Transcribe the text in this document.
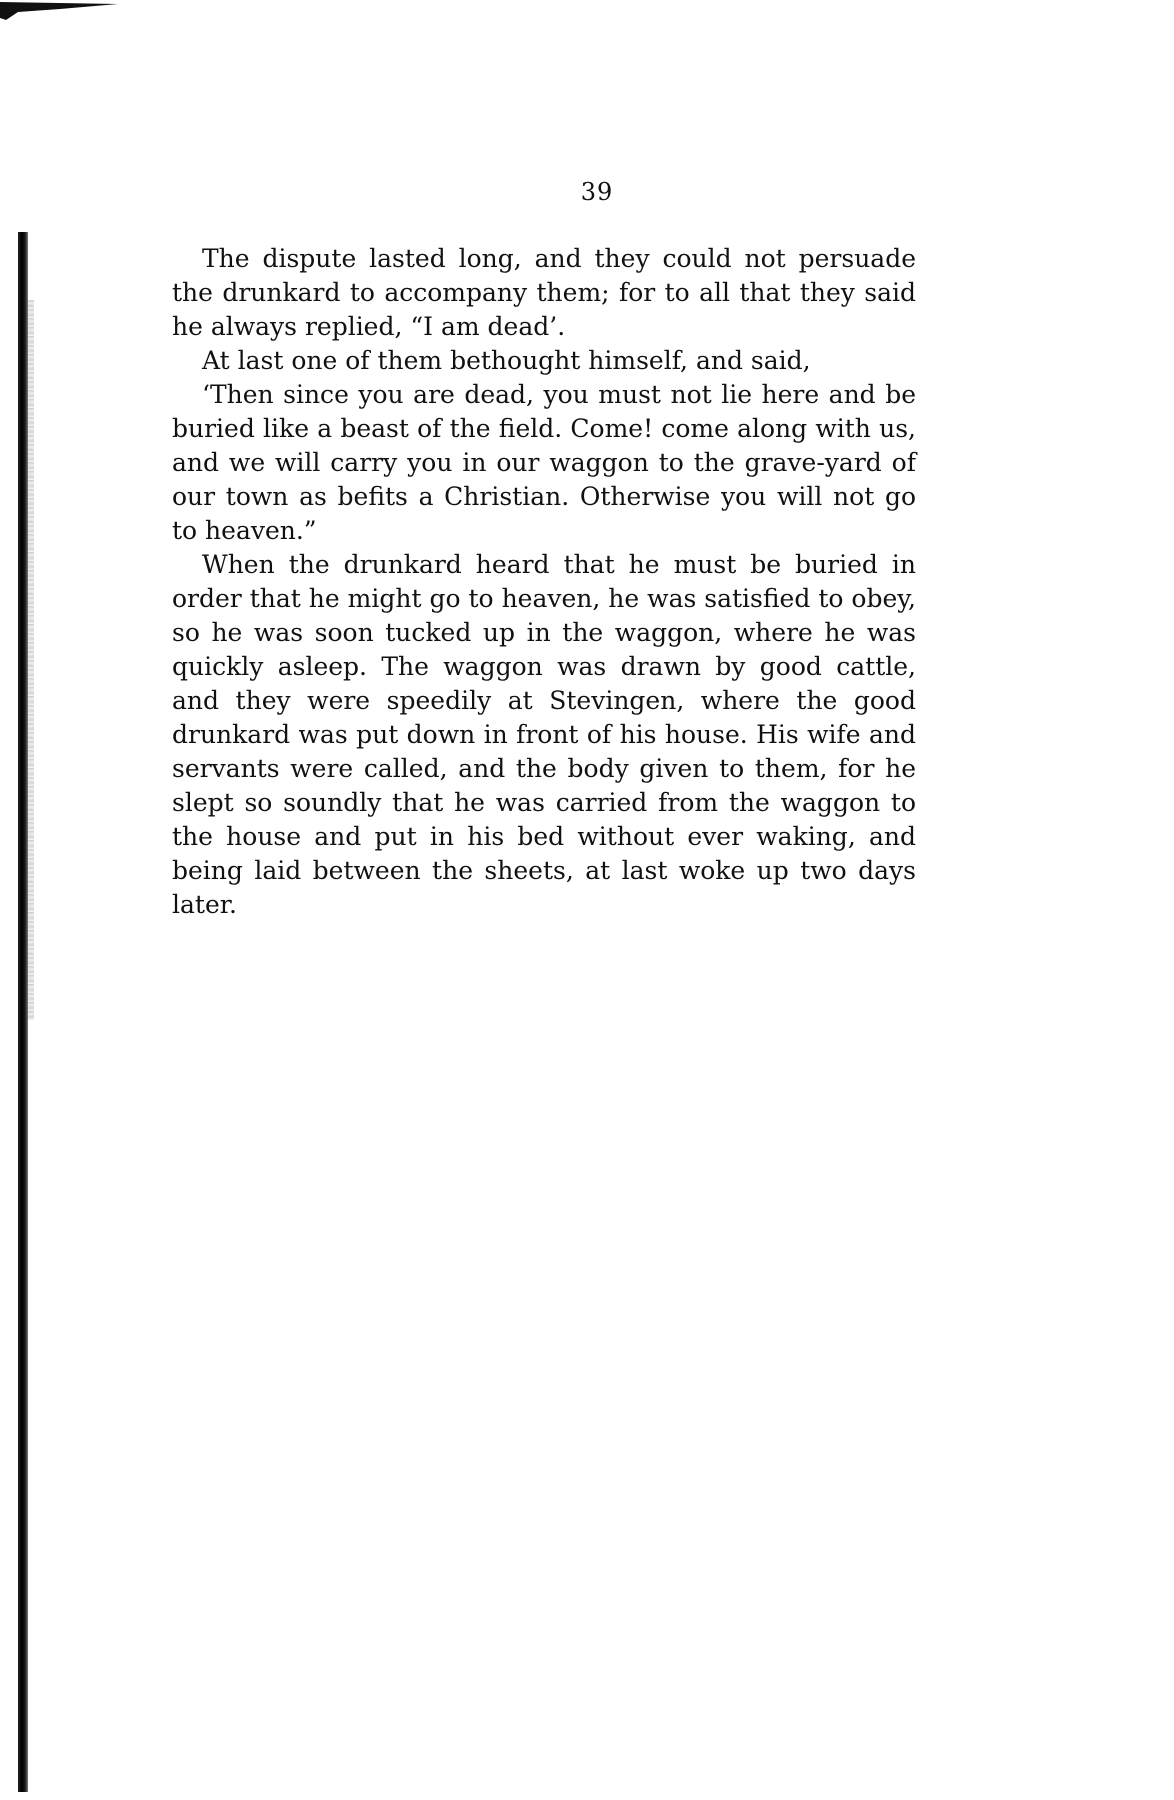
39

The dispute lasted long, and they could not persuade the drunkard to accompany them; for to all that they said he always replied, “I am dead’.

At last one of them bethought himself, and said,

‘Then since you are dead, you must not lie here and be buried like a beast of the field. Come! come along with us, and we will carry you in our waggon to the grave-yard of our town as befits a Christian. Otherwise you will not go to heaven.”

When the drunkard heard that he must be buried in order that he might go to heaven, he was satisfied to obey, so he was soon tucked up in the waggon, where he was quickly asleep. The waggon was drawn by good cattle, and they were speedily at Stevingen, where the good drunkard was put down in front of his house. His wife and servants were called, and the body given to them, for he slept so soundly that he was carried from the waggon to the house and put in his bed without ever waking, and being laid between the sheets, at last woke up two days later.
